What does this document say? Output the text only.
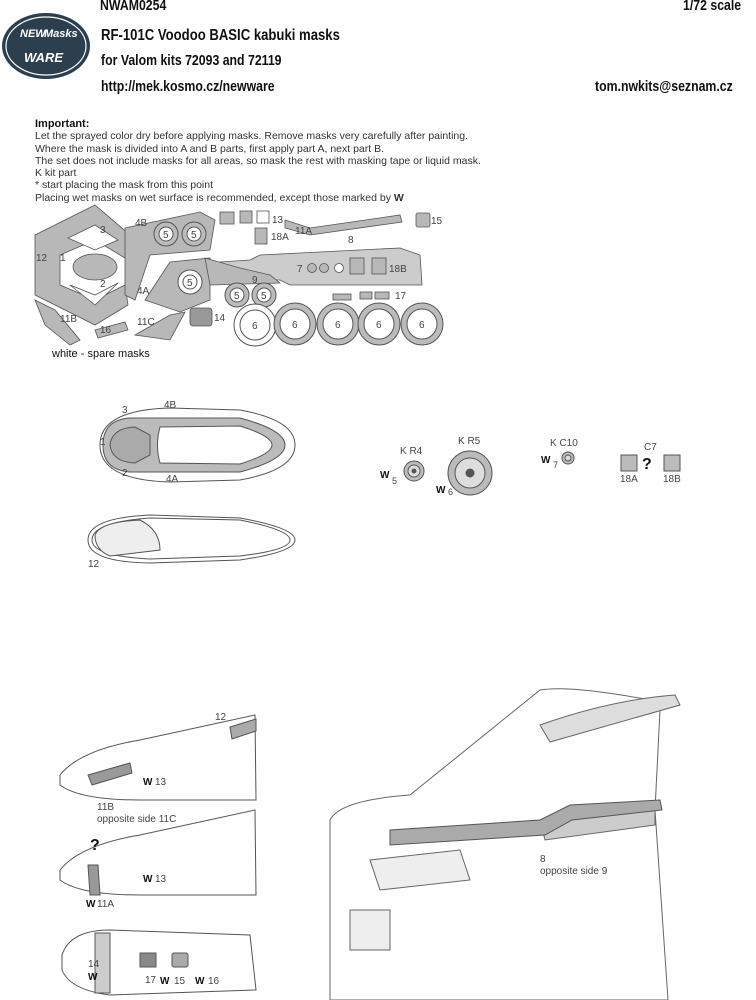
NWAM0254	1/72 scale
RF-101C Voodoo BASIC kabuki masks
for Valom kits 72093 and 72119
http://mek.kosmo.cz/newware	tom.nwkits@seznam.cz
NEW
Masks
WARE
Important:
Let the sprayed color dry before applying masks. Remove masks very carefully after painting.
Where the mask is divided into A and B parts, first apply part A, next part B.
The set does not include masks for all areas, so mask the rest with masking tape or liquid mask.
K kit part
* start placing the mask from this point
Placing wet masks on wet surface is recommended, except those marked by W
3
4B	13
11A
8
15
12 1
2
4A
9
7
18A
18B
17
11B
16
11C	14
5 5
5
5 5
6	6	6	6	6
white - spare masks
3	4B
1
2
4A
12
K R4
K R5	K C10	C7
18A	18B
W
W
W	?
5
6
7
12
13
11B
opposite side 11C
13
11A
14
17 15 16
W
W
W
W	W	W
?
8
opposite side 9
